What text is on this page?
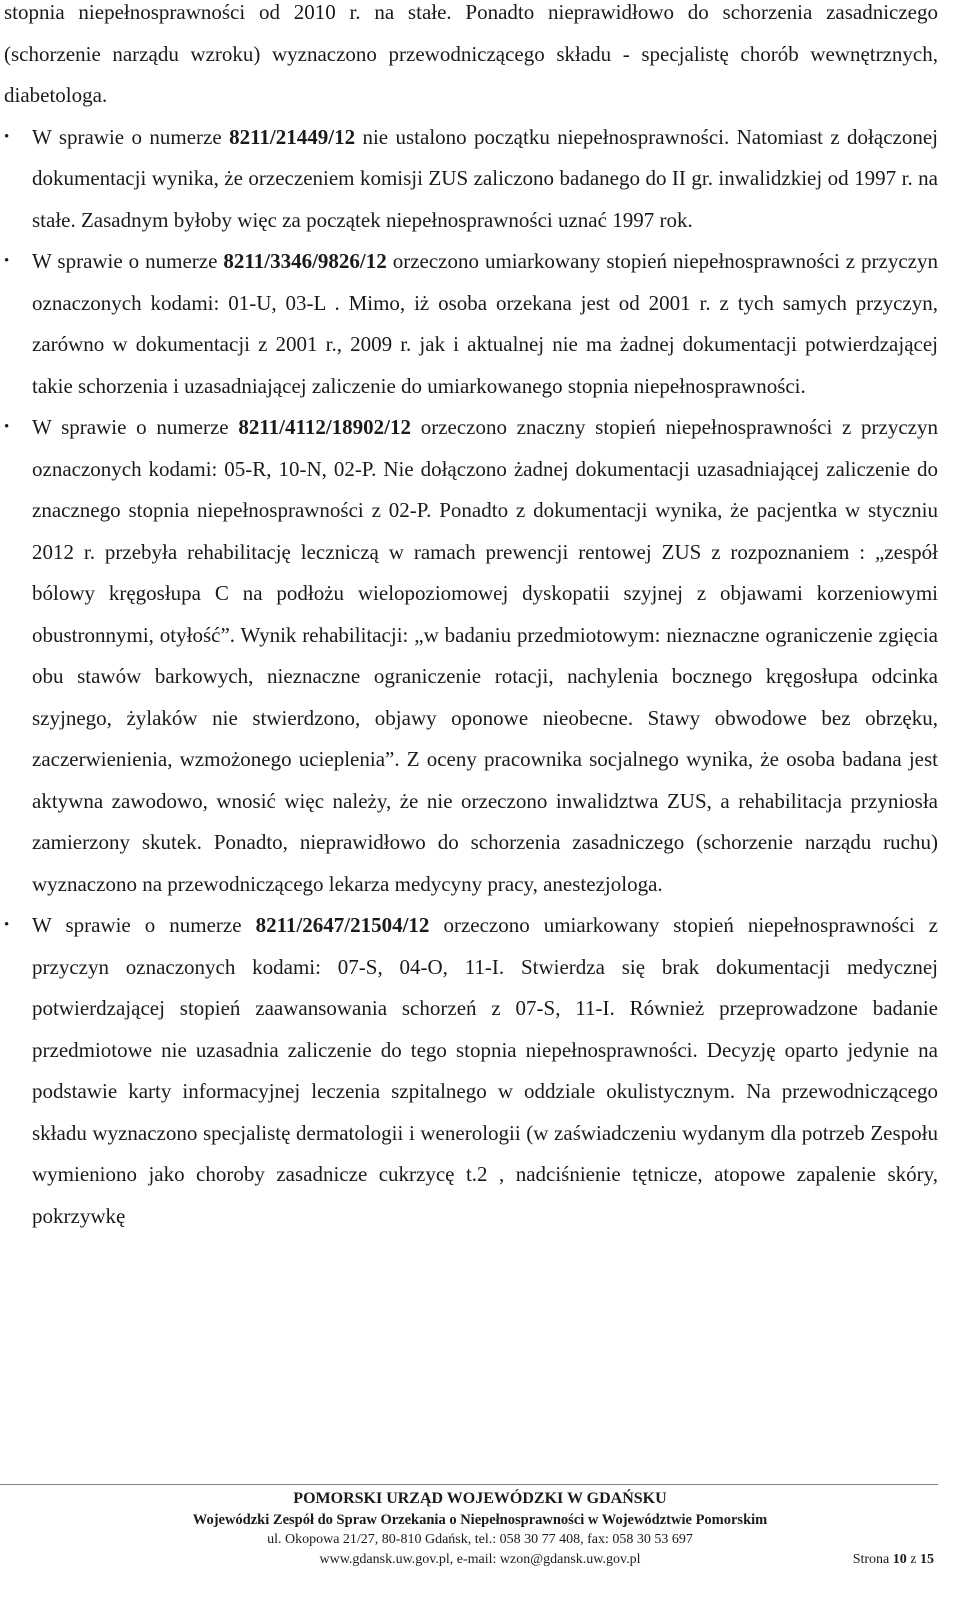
stopnia niepełnosprawności od 2010 r. na stałe. Ponadto nieprawidłowo do schorzenia zasadniczego (schorzenie narządu wzroku) wyznaczono przewodniczącego składu - specjalistę chorób wewnętrznych, diabetologa.

•	W sprawie o numerze 8211/21449/12 nie ustalono początku niepełnosprawności. Natomiast z dołączonej dokumentacji wynika, że orzeczeniem komisji ZUS zaliczono badanego do II gr. inwalidzkiej od 1997 r. na stałe. Zasadnym byłoby więc za początek niepełnosprawności uznać 1997 rok.

•	W sprawie o numerze 8211/3346/9826/12 orzeczono umiarkowany stopień niepełnosprawności z przyczyn oznaczonych kodami: 01-U, 03-L . Mimo, iż osoba orzekana jest od 2001 r. z tych samych przyczyn, zarówno w dokumentacji z 2001 r., 2009 r. jak i aktualnej nie ma żadnej dokumentacji potwierdzającej takie schorzenia i uzasadniającej zaliczenie do umiarkowanego stopnia niepełnosprawności.

•	W sprawie o numerze 8211/4112/18902/12 orzeczono znaczny stopień niepełnosprawności z przyczyn oznaczonych kodami: 05-R, 10-N, 02-P. Nie dołączono żadnej dokumentacji uzasadniającej zaliczenie do znacznego stopnia niepełnosprawności z 02-P. Ponadto z dokumentacji wynika, że pacjentka w styczniu 2012 r. przebyła rehabilitację leczniczą w ramach prewencji rentowej ZUS z rozpoznaniem : „zespół bólowy kręgosłupa C na podłożu wielopoziomowej dyskopatii szyjnej z objawami korzeniowymi obustronnymi, otyłość”. Wynik rehabilitacji: „w badaniu przedmiotowym: nieznaczne ograniczenie zgięcia obu stawów barkowych, nieznaczne ograniczenie rotacji, nachylenia bocznego kręgosłupa odcinka szyjnego, żylaków nie stwierdzono, objawy oponowe nieobecne. Stawy obwodowe bez obrzęku, zaczerwienienia, wzmożonego ucieplenia”. Z oceny pracownika socjalnego wynika, że osoba badana jest aktywna zawodowo, wnosić więc należy, że nie orzeczono inwalidztwa ZUS, a rehabilitacja przyniosła zamierzony skutek. Ponadto, nieprawidłowo do schorzenia zasadniczego (schorzenie narządu ruchu) wyznaczono na przewodniczącego lekarza medycyny pracy, anestezjologa.

•	W sprawie o numerze 8211/2647/21504/12 orzeczono umiarkowany stopień niepełnosprawności z przyczyn oznaczonych kodami: 07-S, 04-O, 11-I. Stwierdza się brak dokumentacji medycznej potwierdzającej stopień zaawansowania schorzeń z 07-S, 11-I. Również przeprowadzone badanie przedmiotowe nie uzasadnia zaliczenie do tego stopnia niepełnosprawności. Decyzję oparto jedynie na podstawie karty informacyjnej leczenia szpitalnego w oddziale okulistycznym. Na przewodniczącego składu wyznaczono specjalistę dermatologii i wenerologii (w zaświadczeniu wydanym dla potrzeb Zespołu wymieniono jako choroby zasadnicze cukrzycę t.2 , nadciśnienie tętnicze, atopowe zapalenie skóry, pokrzywkę

POMORSKI URZĄD WOJEWÓDZKI W GDAŃSKU
Wojewódzki Zespół do Spraw Orzekania o Niepełnosprawności w Województwie Pomorskim
ul. Okopowa 21/27, 80-810 Gdańsk, tel.: 058 30 77 408, fax: 058 30 53 697
www.gdansk.uw.gov.pl, e-mail: wzon@gdansk.uw.gov.pl	Strona 10 z 15
